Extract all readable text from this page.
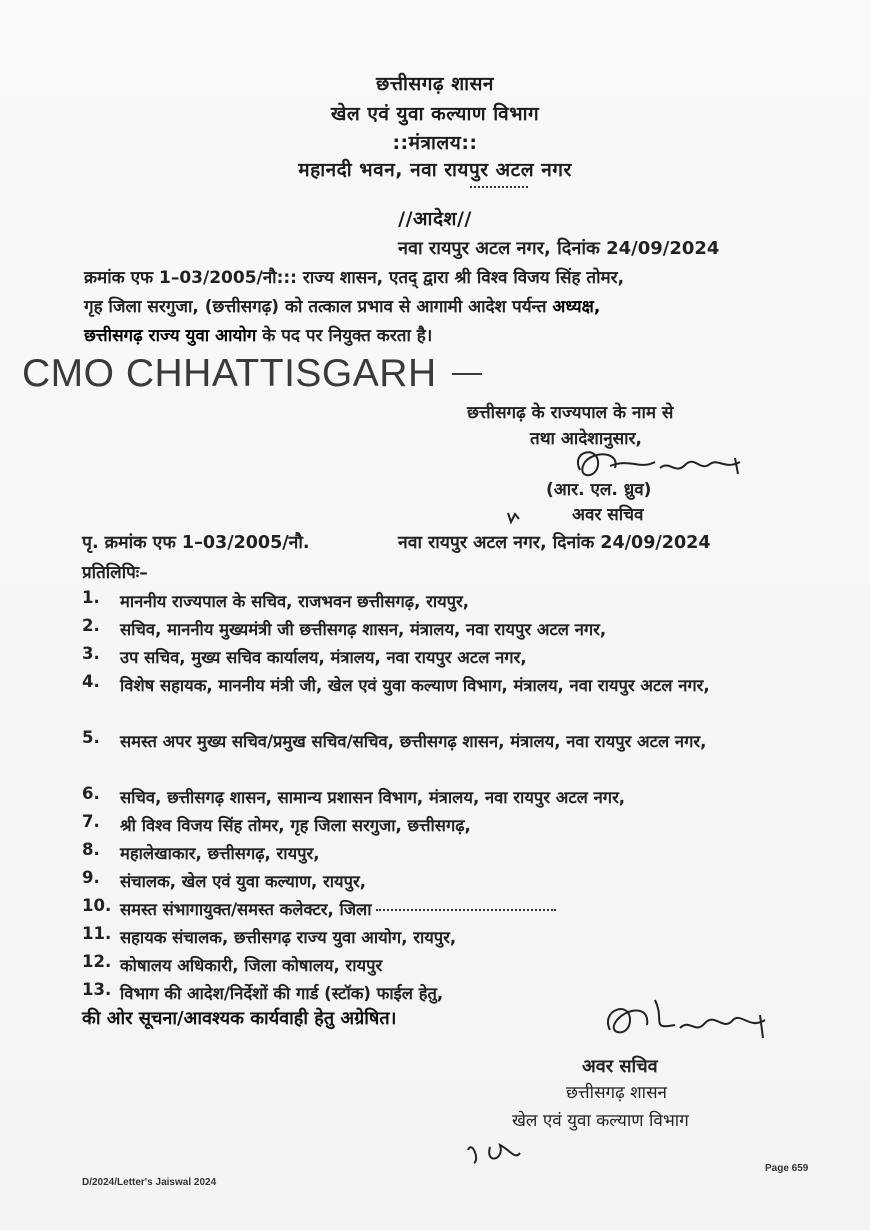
छत्तीसगढ़ शासन
खेल एवं युवा कल्याण विभाग
::मंत्रालय::
महानदी भवन, नवा रायपुर अटल नगर
//आदेश//
नवा रायपुर अटल नगर, दिनांक 24/09/2024
क्रमांक एफ 1–03/2005/नौ::: राज्य शासन, एतद् द्वारा श्री विश्व विजय सिंह तोमर,
गृह जिला सरगुजा, (छत्तीसगढ़) को तत्काल प्रभाव से आगामी आदेश पर्यन्त अध्यक्ष,
छत्तीसगढ़ राज्य युवा आयोग के पद पर नियुक्त करता है।
CMO CHHATTISGARH
छत्तीसगढ़ के राज्यपाल के नाम से
तथा आदेशानुसार,
(आर. एल. ध्रुव)
अवर सचिव
पृ. क्रमांक एफ 1–03/2005/नौ.	नवा रायपुर अटल नगर, दिनांक 24/09/2024
प्रतिलिपिः–
1.	माननीय राज्यपाल के सचिव, राजभवन छत्तीसगढ़, रायपुर,
2.	सचिव, माननीय मुख्यमंत्री जी छत्तीसगढ़ शासन, मंत्रालय, नवा रायपुर अटल नगर,
3.	उप सचिव, मुख्य सचिव कार्यालय, मंत्रालय, नवा रायपुर अटल नगर,
4.	विशेष सहायक, माननीय मंत्री जी, खेल एवं युवा कल्याण विभाग, मंत्रालय, नवा रायपुर अटल नगर,
5.	समस्त अपर मुख्य सचिव/प्रमुख सचिव/सचिव, छत्तीसगढ़ शासन, मंत्रालय, नवा रायपुर अटल नगर,
6.	सचिव, छत्तीसगढ़ शासन, सामान्य प्रशासन विभाग, मंत्रालय, नवा रायपुर अटल नगर,
7.	श्री विश्व विजय सिंह तोमर, गृह जिला सरगुजा, छत्तीसगढ़,
8.	महालेखाकार, छत्तीसगढ़, रायपुर,
9.	संचालक, खेल एवं युवा कल्याण, रायपुर,
10. समस्त संभागायुक्त/समस्त कलेक्टर, जिला
11. सहायक संचालक, छत्तीसगढ़ राज्य युवा आयोग, रायपुर,
12. कोषालय अधिकारी, जिला कोषालय, रायपुर
13. विभाग की आदेश/निर्देशों की गार्ड (स्टॉक) फाईल हेतु,
की ओर सूचना/आवश्यक कार्यवाही हेतु अग्रेषित।
अवर सचिव
छत्तीसगढ़ शासन
खेल एवं युवा कल्याण विभाग
D/2024/Letter's Jaiswal 2024
Page 659
